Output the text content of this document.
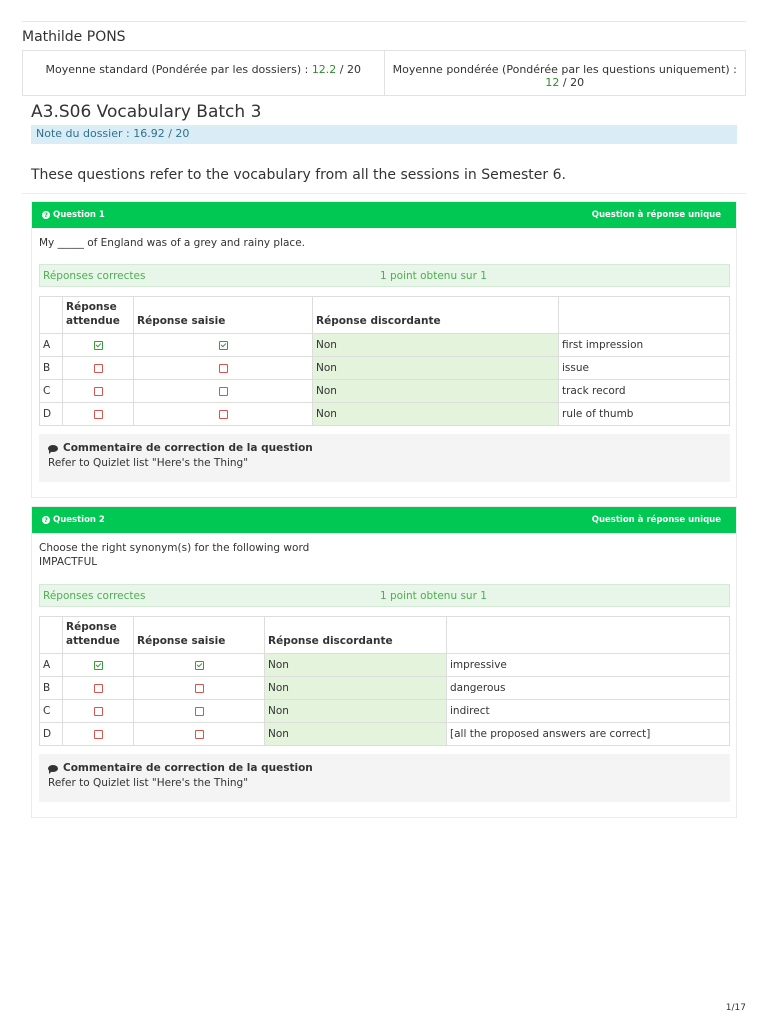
Mathilde PONS
Moyenne standard (Pondérée par les dossiers) : 12.2 / 20	Moyenne pondérée (Pondérée par les questions uniquement) : 12 / 20
A3.S06 Vocabulary Batch 3
Note du dossier : 16.92 / 20
These questions refer to the vocabulary from all the sessions in Semester 6.
? Question 1	Question à réponse unique
My _____ of England was of a grey and rainy place.
Réponses correctes	1 point obtenu sur 1
	Réponse attendue	Réponse saisie	Réponse discordante	
A			Non	first impression
B			Non	issue
C			Non	track record
D			Non	rule of thumb
Commentaire de correction de la question
Refer to Quizlet list "Here's the Thing"
? Question 2	Question à réponse unique
Choose the right synonym(s) for the following word
IMPACTFUL
Réponses correctes	1 point obtenu sur 1
	Réponse attendue	Réponse saisie	Réponse discordante	
A			Non	impressive
B			Non	dangerous
C			Non	indirect
D			Non	[all the proposed answers are correct]
Commentaire de correction de la question
Refer to Quizlet list "Here's the Thing"
1/17
